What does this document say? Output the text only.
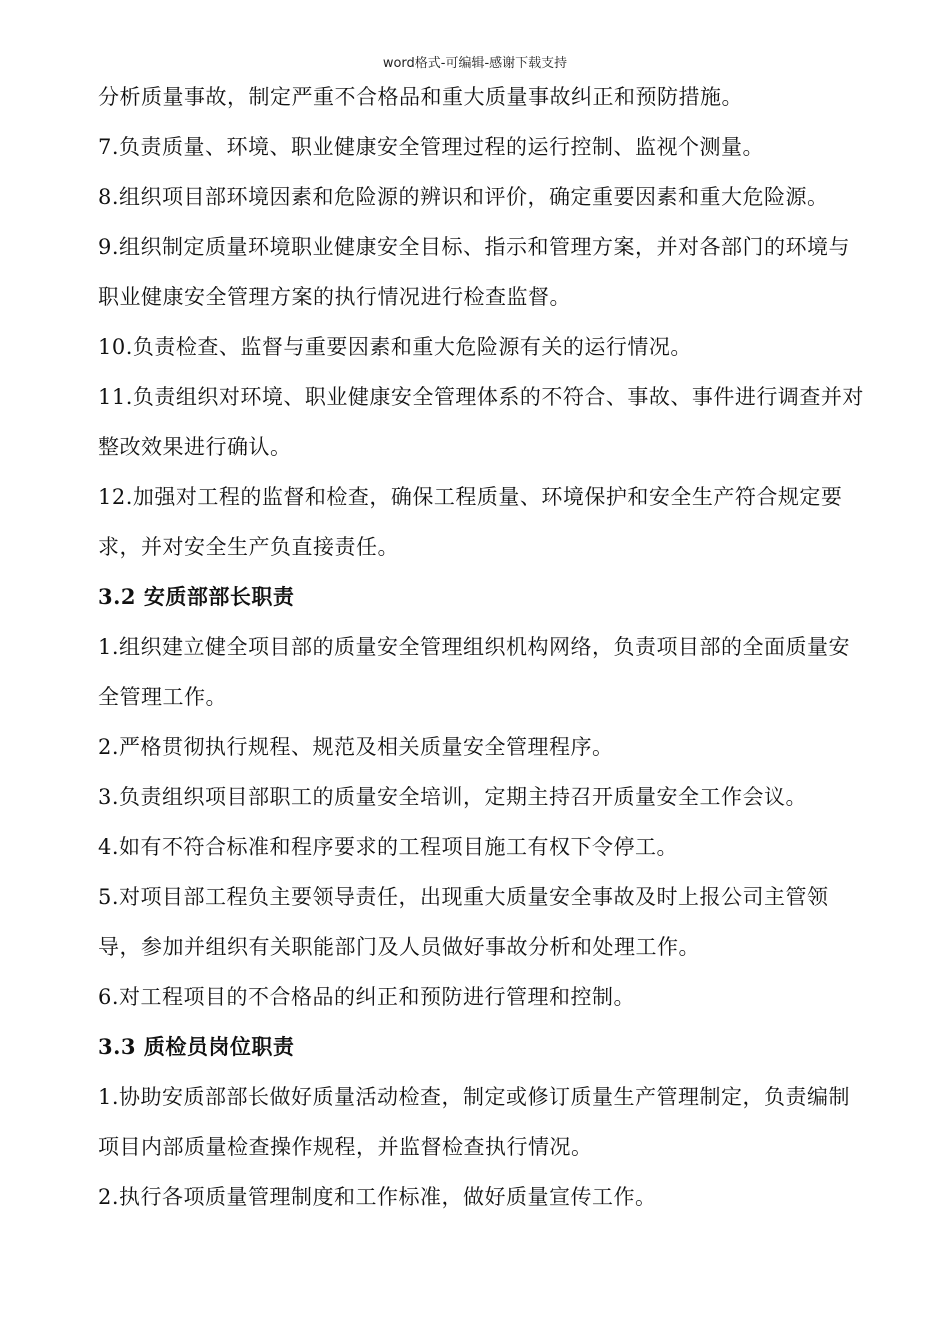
word格式-可编辑-感谢下载支持

分析质量事故，制定严重不合格品和重大质量事故纠正和预防措施。

7.负责质量、环境、职业健康安全管理过程的运行控制、监视个测量。

8.组织项目部环境因素和危险源的辨识和评价，确定重要因素和重大危险源。

9.组织制定质量环境职业健康安全目标、指示和管理方案，并对各部门的环境与职业健康安全管理方案的执行情况进行检查监督。

10.负责检查、监督与重要因素和重大危险源有关的运行情况。

11.负责组织对环境、职业健康安全管理体系的不符合、事故、事件进行调查并对整改效果进行确认。

12.加强对工程的监督和检查，确保工程质量、环境保护和安全生产符合规定要求，并对安全生产负直接责任。

3.2 安质部部长职责

1.组织建立健全项目部的质量安全管理组织机构网络，负责项目部的全面质量安全管理工作。

2.严格贯彻执行规程、规范及相关质量安全管理程序。

3.负责组织项目部职工的质量安全培训，定期主持召开质量安全工作会议。

4.如有不符合标准和程序要求的工程项目施工有权下令停工。

5.对项目部工程负主要领导责任，出现重大质量安全事故及时上报公司主管领导，参加并组织有关职能部门及人员做好事故分析和处理工作。

6.对工程项目的不合格品的纠正和预防进行管理和控制。

3.3 质检员岗位职责

1.协助安质部部长做好质量活动检查，制定或修订质量生产管理制定，负责编制项目内部质量检查操作规程，并监督检查执行情况。

2.执行各项质量管理制度和工作标准，做好质量宣传工作。
